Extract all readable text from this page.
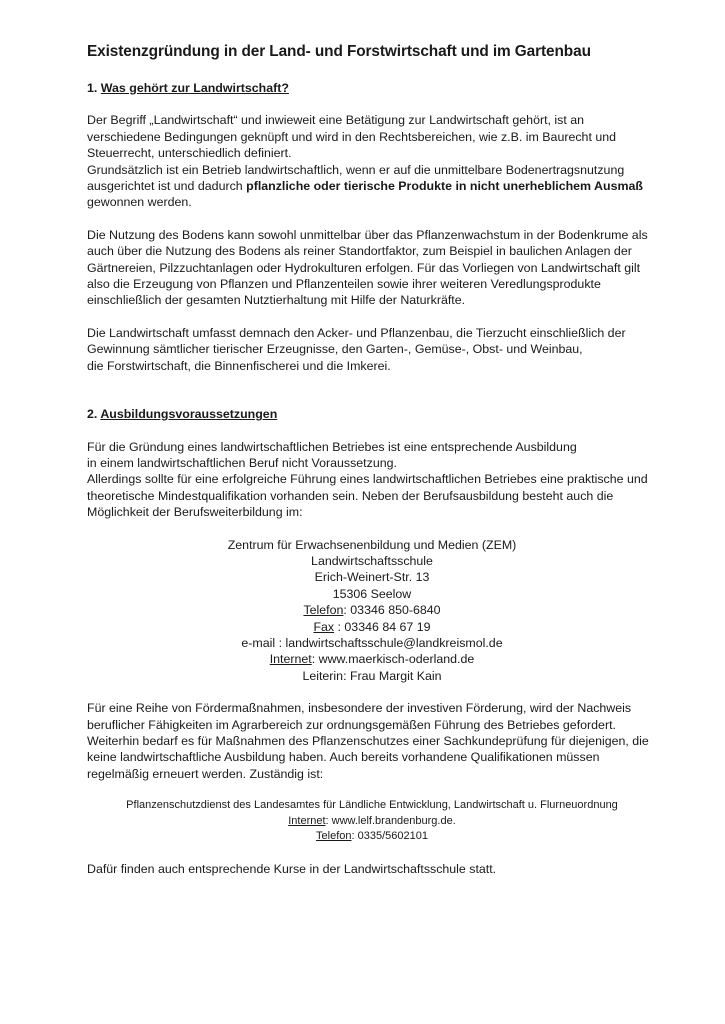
Existenzgründung in der Land- und Forstwirtschaft und im Gartenbau
1. Was gehört zur Landwirtschaft?

Der Begriff „Landwirtschaft“ und inwieweit eine Betätigung zur Landwirtschaft gehört, ist an

verschiedene Bedingungen geknüpft und wird in den Rechtsbereichen, wie z.B. im Baurecht und

Steuerrecht, unterschiedlich definiert.

Grundsätzlich ist ein Betrieb landwirtschaftlich, wenn er auf die unmittelbare Bodenertragsnutzung

ausgerichtet ist und dadurch pflanzliche oder tierische Produkte in nicht unerheblichem Ausmaß

gewonnen werden.

Die Nutzung des Bodens kann sowohl unmittelbar über das Pflanzenwachstum in der Bodenkrume als

auch über die Nutzung des Bodens als reiner Standortfaktor, zum Beispiel in baulichen Anlagen der

Gärtnereien, Pilzzuchtanlagen oder Hydrokulturen erfolgen. Für das Vorliegen von Landwirtschaft gilt

also die Erzeugung von Pflanzen und Pflanzenteilen sowie ihrer weiteren Veredlungsprodukte

einschließlich der gesamten Nutztierhaltung mit Hilfe der Naturkräfte.

Die Landwirtschaft umfasst demnach den Acker- und Pflanzenbau, die Tierzucht einschließlich der

Gewinnung sämtlicher tierischer Erzeugnisse, den Garten-, Gemüse-, Obst- und Weinbau,

die Forstwirtschaft, die Binnenfischerei und die Imkerei.

2. Ausbildungsvoraussetzungen

Für die Gründung eines landwirtschaftlichen Betriebes ist eine entsprechende Ausbildung

in einem landwirtschaftlichen Beruf nicht Voraussetzung.

Allerdings sollte für eine erfolgreiche Führung eines landwirtschaftlichen Betriebes eine praktische und

theoretische Mindestqualifikation vorhanden sein. Neben der Berufsausbildung besteht auch die

Möglichkeit der Berufsweiterbildung im:

Zentrum für Erwachsenenbildung und Medien (ZEM)

Landwirtschaftsschule

Erich-Weinert-Str. 13

15306 Seelow

Telefon: 03346 850-6840

Fax : 03346 84 67 19

e-mail : landwirtschaftsschule@landkreismol.de

Internet: www.maerkisch-oderland.de

Leiterin: Frau Margit Kain

Für eine Reihe von Fördermaßnahmen, insbesondere der investiven Förderung, wird der Nachweis

beruflicher Fähigkeiten im Agrarbereich zur ordnungsgemäßen Führung des Betriebes gefordert.

Weiterhin bedarf es für Maßnahmen des Pflanzenschutzes einer Sachkundeprüfung für diejenigen, die

keine landwirtschaftliche Ausbildung haben. Auch bereits vorhandene Qualifikationen müssen

regelmäßig erneuert werden. Zuständig ist:

Pflanzenschutzdienst des Landesamtes für Ländliche Entwicklung, Landwirtschaft u. Flurneuordnung

Internet: www.lelf.brandenburg.de.

Telefon: 0335/5602101

Dafür finden auch entsprechende Kurse in der Landwirtschaftsschule statt.
